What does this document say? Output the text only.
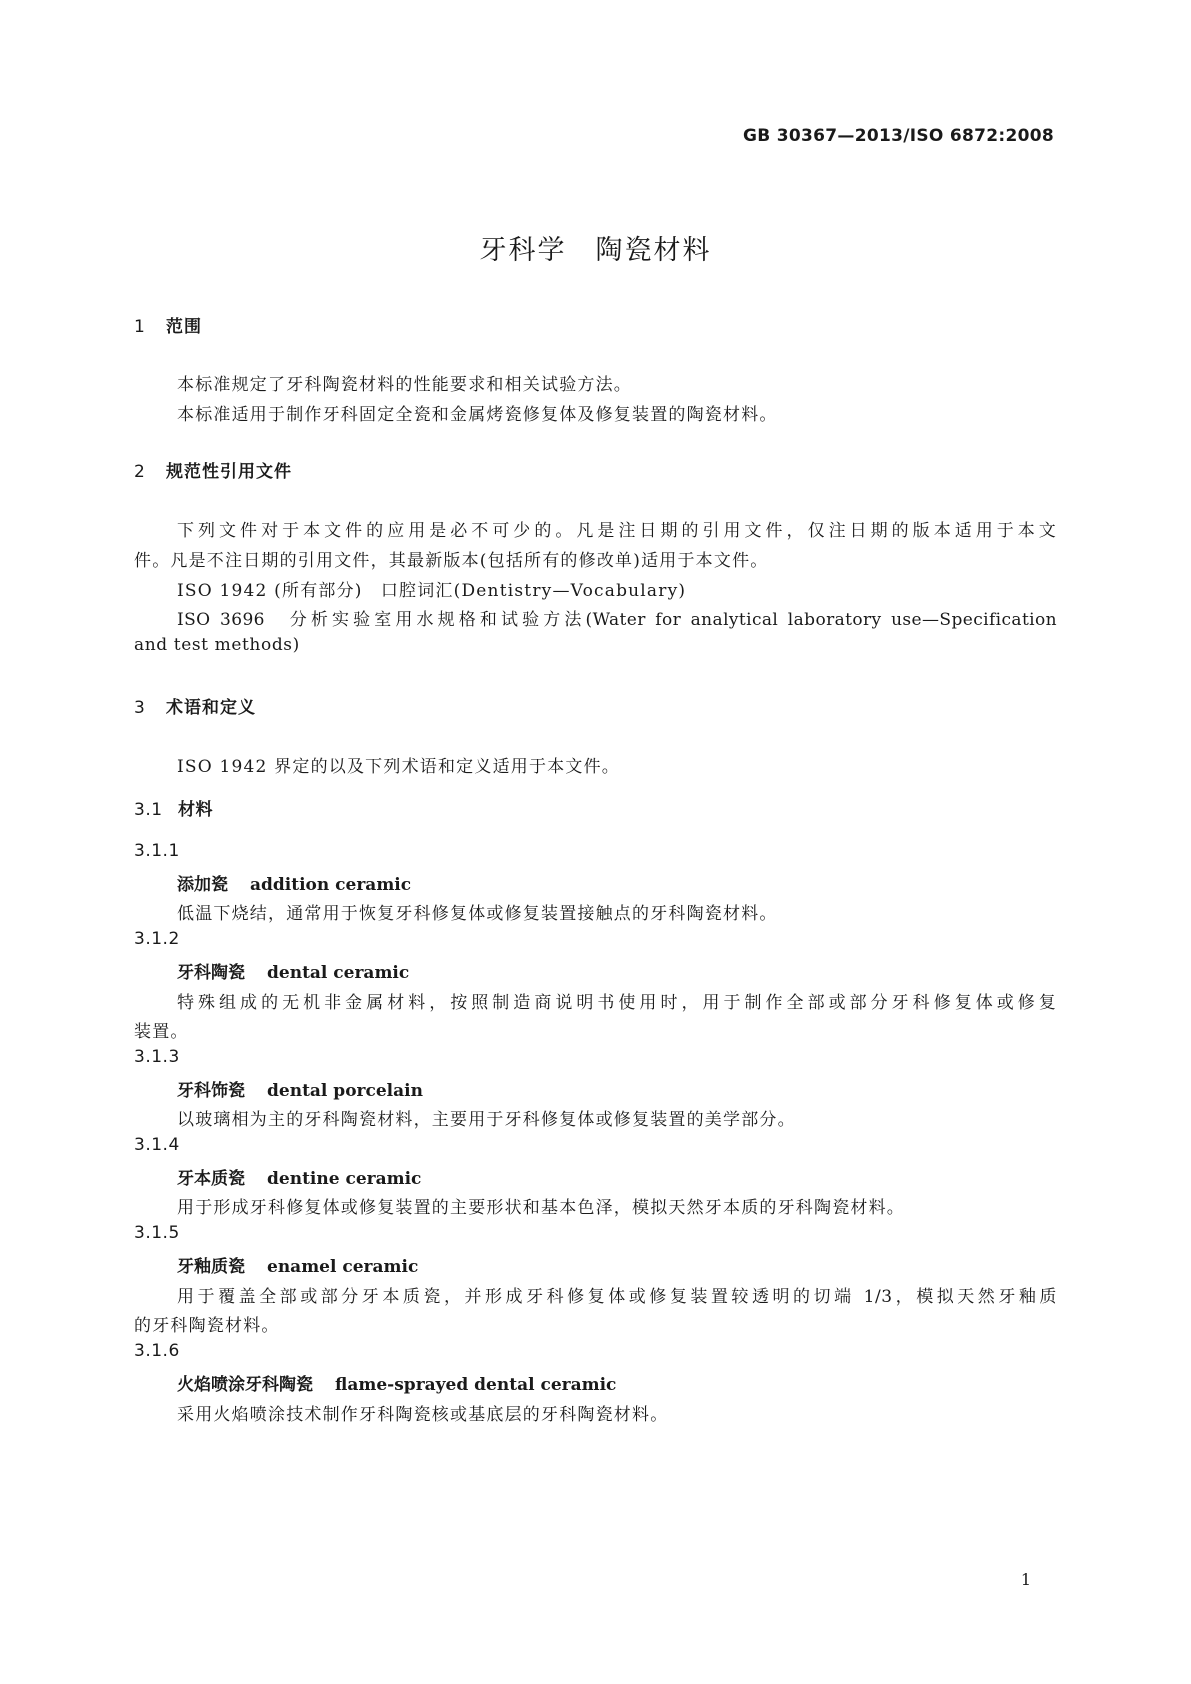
GB 30367—2013/ISO 6872:2008
牙科学　陶瓷材料
1 范围
本标准规定了牙科陶瓷材料的性能要求和相关试验方法。
本标准适用于制作牙科固定全瓷和金属烤瓷修复体及修复装置的陶瓷材料。
2 规范性引用文件
下列文件对于本文件的应用是必不可少的。凡是注日期的引用文件，仅注日期的版本适用于本文
件。凡是不注日期的引用文件，其最新版本(包括所有的修改单)适用于本文件。
ISO 1942 (所有部分)　口腔词汇(Dentistry—Vocabulary)
ISO 3696　分析实验室用水规格和试验方法(Water for analytical laboratory use—Specification
and test methods)
3 术语和定义
ISO 1942 界定的以及下列术语和定义适用于本文件。
3.1 材料
3.1.1
添加瓷 addition ceramic
低温下烧结，通常用于恢复牙科修复体或修复装置接触点的牙科陶瓷材料。
3.1.2
牙科陶瓷 dental ceramic
特殊组成的无机非金属材料，按照制造商说明书使用时，用于制作全部或部分牙科修复体或修复
装置。
3.1.3
牙科饰瓷 dental porcelain
以玻璃相为主的牙科陶瓷材料，主要用于牙科修复体或修复装置的美学部分。
3.1.4
牙本质瓷 dentine ceramic
用于形成牙科修复体或修复装置的主要形状和基本色泽，模拟天然牙本质的牙科陶瓷材料。
3.1.5
牙釉质瓷 enamel ceramic
用于覆盖全部或部分牙本质瓷，并形成牙科修复体或修复装置较透明的切端 1/3，模拟天然牙釉质
的牙科陶瓷材料。
3.1.6
火焰喷涂牙科陶瓷 flame-sprayed dental ceramic
采用火焰喷涂技术制作牙科陶瓷核或基底层的牙科陶瓷材料。
1
